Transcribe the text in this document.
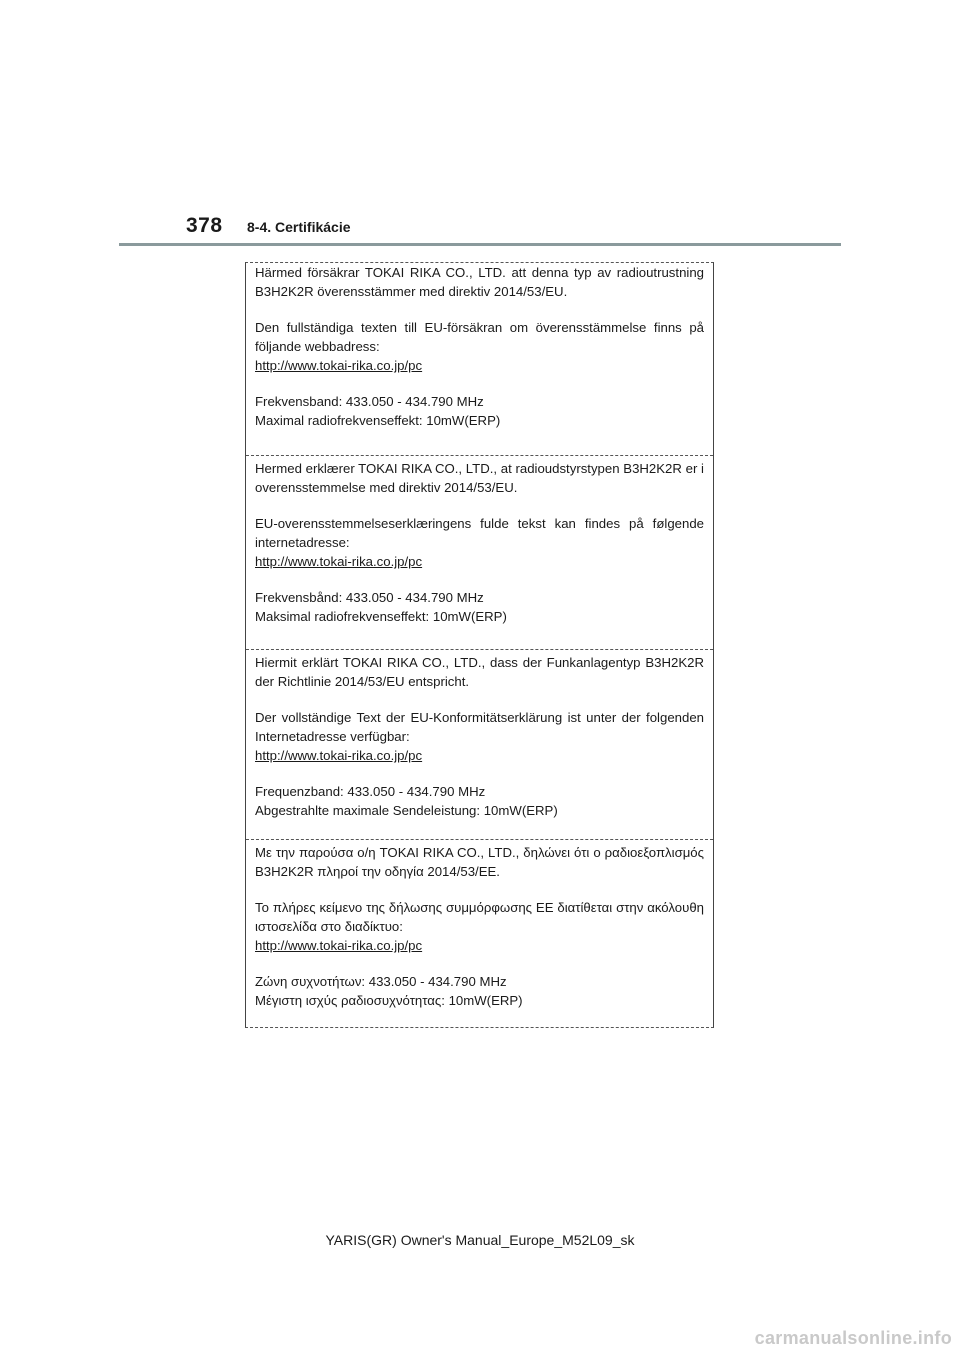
378 8-4. Certifikácie

Härmed försäkrar TOKAI RIKA CO., LTD. att denna typ av radioutrustning B3H2K2R överensstämmer med direktiv 2014/53/EU.

Den fullständiga texten till EU-försäkran om överensstämmelse finns på följande webbadress:

http://www.tokai-rika.co.jp/pc
Frekvensband: 433.050 - 434.790 MHz
Maximal radiofrekvenseffekt: 10mW(ERP)

Hermed erklærer TOKAI RIKA CO., LTD., at radioudstyrstypen B3H2K2R er i overensstemmelse med direktiv 2014/53/EU.

EU-overensstemmelseserklæringens fulde tekst kan findes på følgende internetadresse:

http://www.tokai-rika.co.jp/pc
Frekvensbånd: 433.050 - 434.790 MHz
Maksimal radiofrekvenseffekt: 10mW(ERP)

Hiermit erklärt TOKAI RIKA CO., LTD., dass der Funkanlagentyp B3H2K2R der Richtlinie 2014/53/EU entspricht.

Der vollständige Text der EU-Konformitätserklärung ist unter der folgenden Internetadresse verfügbar:

http://www.tokai-rika.co.jp/pc
Frequenzband: 433.050 - 434.790 MHz
Abgestrahlte maximale Sendeleistung: 10mW(ERP)

Με την παρούσα ο/η TOKAI RIKA CO., LTD., δηλώνει ότι ο ραδιοεξοπλισμός B3H2K2R πληροί την οδηγία 2014/53/EE.

Το πλήρες κείμενο της δήλωσης συμμόρφωσης ΕΕ διατίθεται στην ακόλουθη ιστοσελίδα στο διαδίκτυο:

http://www.tokai-rika.co.jp/pc
Ζώνη συχνοτήτων: 433.050 - 434.790 MHz
Μέγιστη ισχύς ραδιοσυχνότητας: 10mW(ERP)
YARIS(GR) Owner's Manual_Europe_M52L09_sk
carmanualsonline.info
